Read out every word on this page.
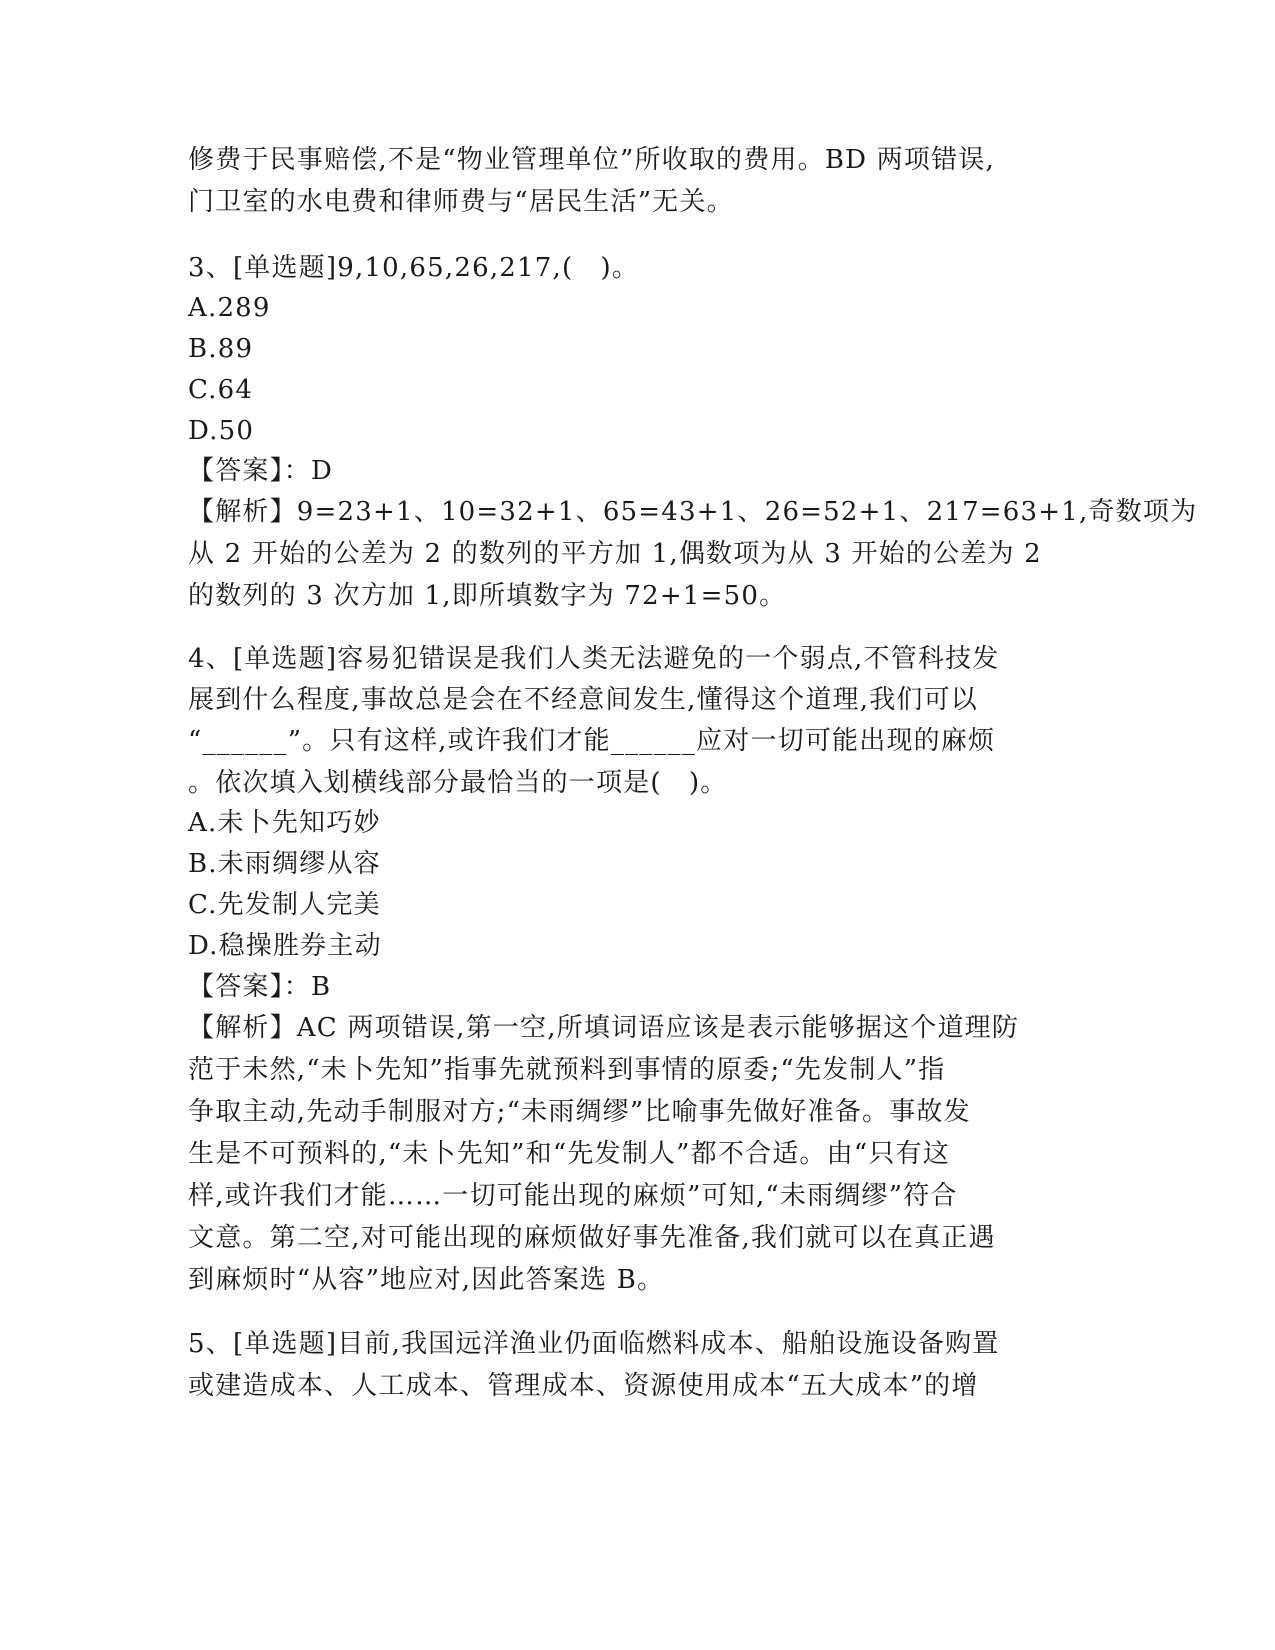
修费于民事赔偿,不是“物业管理单位”所收取的费用。BD 两项错误,
门卫室的水电费和律师费与“居民生活”无关。
3、[单选题]9,10,65,26,217,(　)。
A.289
B.89
C.64
D.50
【答案】：D
【解析】9=23+1、10=32+1、65=43+1、26=52+1、217=63+1,奇数项为
从 2 开始的公差为 2 的数列的平方加 1,偶数项为从 3 开始的公差为 2
的数列的 3 次方加 1,即所填数字为 72+1=50。
4、[单选题]容易犯错误是我们人类无法避免的一个弱点,不管科技发
展到什么程度,事故总是会在不经意间发生,懂得这个道理,我们可以
“______”。只有这样,或许我们才能______应对一切可能出现的麻烦
。依次填入划横线部分最恰当的一项是(　)。
A.未卜先知巧妙
B.未雨绸缪从容
C.先发制人完美
D.稳操胜券主动
【答案】：B
【解析】AC 两项错误,第一空,所填词语应该是表示能够据这个道理防
范于未然,“未卜先知”指事先就预料到事情的原委;“先发制人”指
争取主动,先动手制服对方;“未雨绸缪”比喻事先做好准备。事故发
生是不可预料的,“未卜先知”和“先发制人”都不合适。由“只有这
样,或许我们才能……一切可能出现的麻烦”可知,“未雨绸缪”符合
文意。第二空,对可能出现的麻烦做好事先准备,我们就可以在真正遇
到麻烦时“从容”地应对,因此答案选 B。
5、[单选题]目前,我国远洋渔业仍面临燃料成本、船舶设施设备购置
或建造成本、人工成本、管理成本、资源使用成本“五大成本”的增
